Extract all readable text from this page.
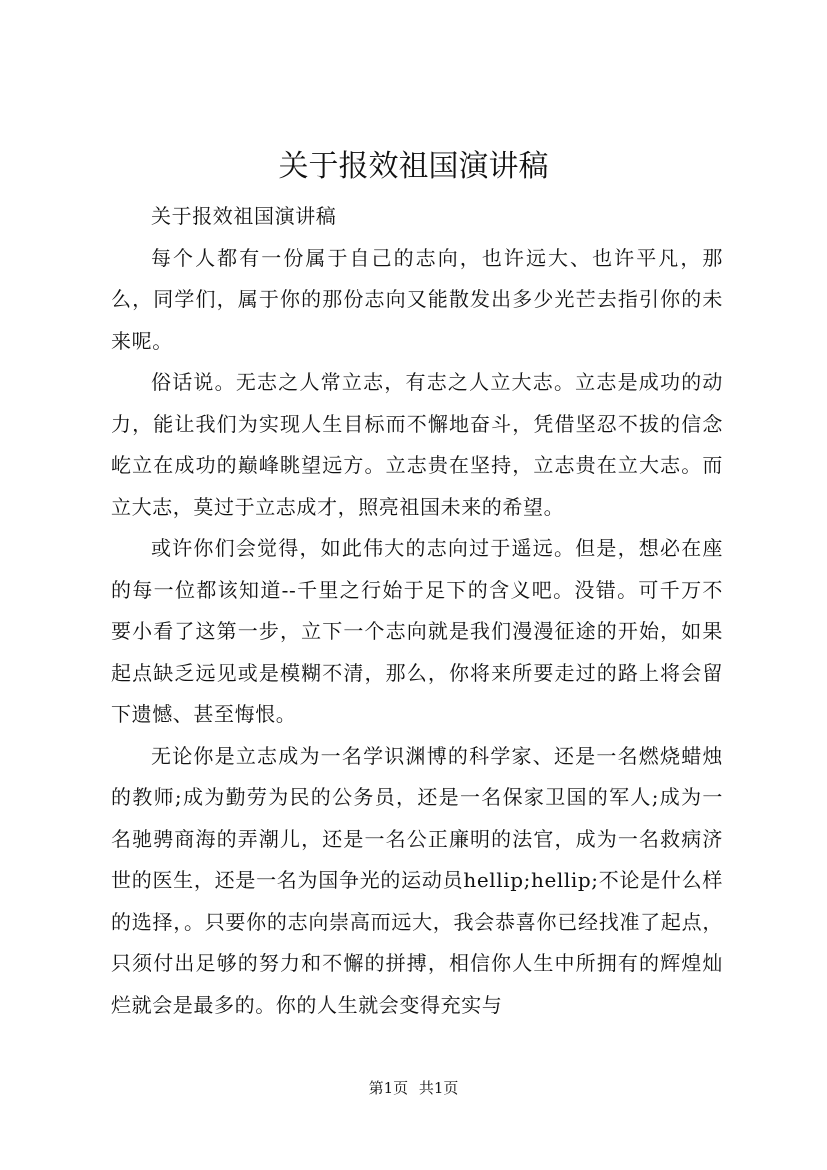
关于报效祖国演讲稿

关于报效祖国演讲稿

每个人都有一份属于自己的志向，也许远大、也许平凡，那么，同学们，属于你的那份志向又能散发出多少光芒去指引你的未来呢。

俗话说。无志之人常立志，有志之人立大志。立志是成功的动力，能让我们为实现人生目标而不懈地奋斗，凭借坚忍不拔的信念屹立在成功的巅峰眺望远方。立志贵在坚持，立志贵在立大志。而立大志，莫过于立志成才，照亮祖国未来的希望。

或许你们会觉得，如此伟大的志向过于遥远。但是，想必在座的每一位都该知道--千里之行始于足下的含义吧。没错。可千万不要小看了这第一步，立下一个志向就是我们漫漫征途的开始，如果起点缺乏远见或是模糊不清，那么，你将来所要走过的路上将会留下遗憾、甚至悔恨。

无论你是立志成为一名学识渊博的科学家、还是一名燃烧蜡烛的教师;成为勤劳为民的公务员，还是一名保家卫国的军人;成为一名驰骋商海的弄潮儿，还是一名公正廉明的法官，成为一名救病济世的医生，还是一名为国争光的运动员hellip;hellip;不论是什么样的选择，。只要你的志向崇高而远大，我会恭喜你已经找准了起点，只须付出足够的努力和不懈的拼搏，相信你人生中所拥有的辉煌灿烂就会是最多的。你的人生就会变得充实与

第1页 共1页
